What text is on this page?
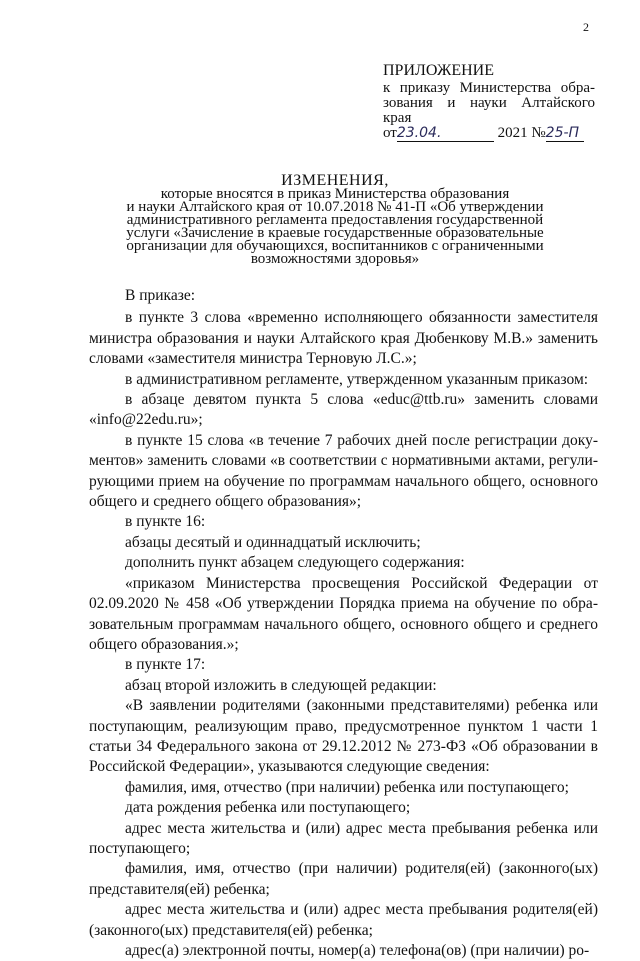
2
ПРИЛОЖЕНИЕ
к приказу Министерства обра-
зования и науки Алтайского
края
от23.04.	2021 №25-П
ИЗМЕНЕНИЯ,
которые вносятся в приказ Министерства образования
и науки Алтайского края от 10.07.2018 № 41-П «Об утверждении
административного регламента предоставления государственной
услуги «Зачисление в краевые государственные образовательные
организации для обучающихся, воспитанников с ограниченными
возможностями здоровья»

В приказе:

в пункте 3 слова «временно исполняющего обязанности заместителя министра образования и науки Алтайского края Дюбенкову М.В.» заменить словами «заместителя министра Терновую Л.С.»;

в административном регламенте, утвержденном указанным приказом:

в абзаце девятом пункта 5 слова «educ@ttb.ru» заменить словами «info@22edu.ru»;

в пункте 15 слова «в течение 7 рабочих дней после регистрации документов» заменить словами «в соответствии с нормативными актами, регулирующими прием на обучение по программам начального общего, основного общего и среднего общего образования»;

в пункте 16:

абзацы десятый и одиннадцатый исключить;

дополнить пункт абзацем следующего содержания:

«приказом Министерства просвещения Российской Федерации от 02.09.2020 № 458 «Об утверждении Порядка приема на обучение по образовательным программам начального общего, основного общего и среднего общего образования.»;

в пункте 17:

абзац второй изложить в следующей редакции:

«В заявлении родителями (законными представителями) ребенка или поступающим, реализующим право, предусмотренное пунктом 1 части 1 статьи 34 Федерального закона от 29.12.2012 № 273-ФЗ «Об образовании в Российской Федерации», указываются следующие сведения:

фамилия, имя, отчество (при наличии) ребенка или поступающего;

дата рождения ребенка или поступающего;

адрес места жительства и (или) адрес места пребывания ребенка или поступающего;

фамилия, имя, отчество (при наличии) родителя(ей) (законного(ых) представителя(ей) ребенка;

адрес места жительства и (или) адрес места пребывания родителя(ей) (законного(ых) представителя(ей) ребенка;

адрес(а) электронной почты, номер(а) телефона(ов) (при наличии) ро-
